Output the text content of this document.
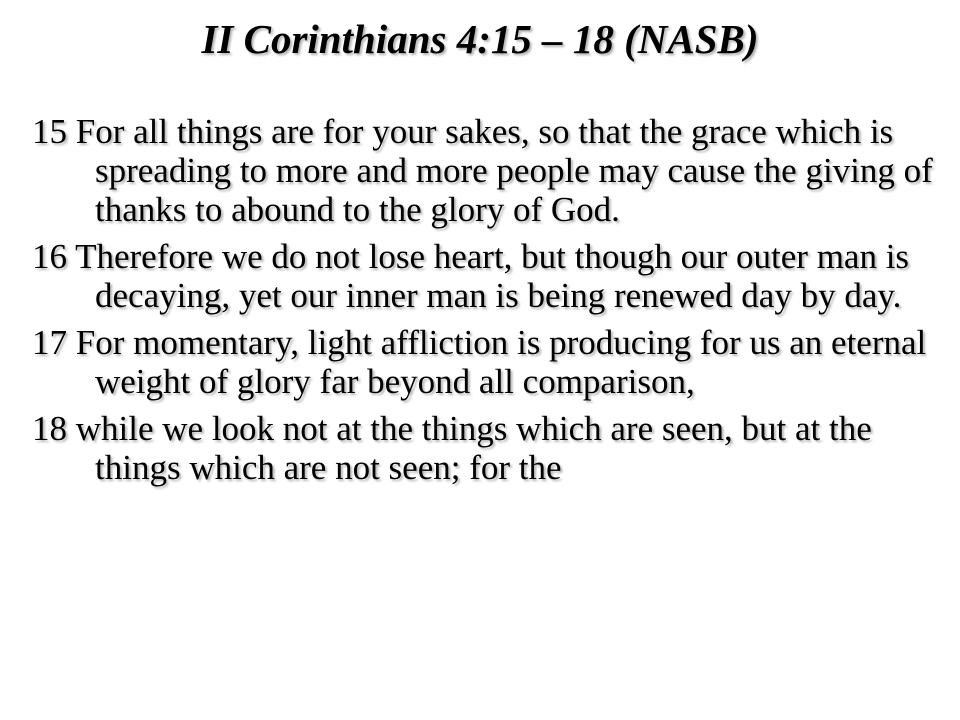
II Corinthians 4:15 – 18 (NASB)
15 For all things are for your sakes, so that the grace which is spreading to more and more people may cause the giving of thanks to abound to the glory of God.
16 Therefore we do not lose heart, but though our outer man is decaying, yet our inner man is being renewed day by day.
17 For momentary, light affliction is producing for us an eternal weight of glory far beyond all comparison,
18 while we look not at the things which are seen, but at the things which are not seen; for the
